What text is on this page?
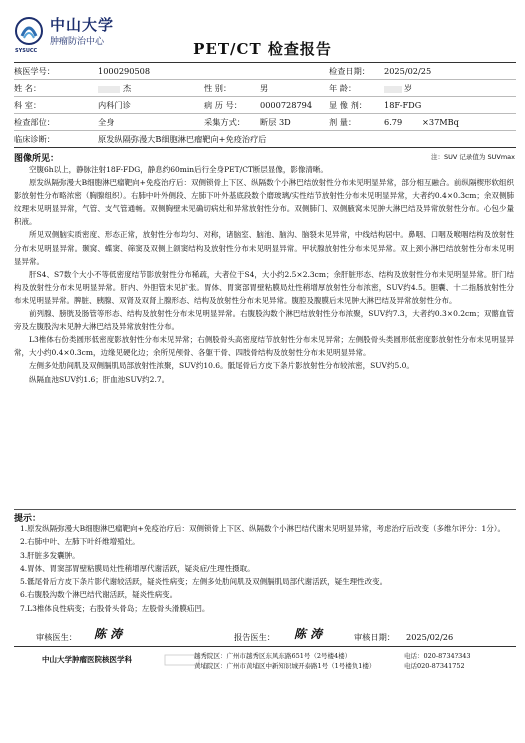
中山大学
肿瘤防治中心
SYSUCC	PET/CT 检查报告
核医学号：	1000290508	检查日期： 2025/02/25
姓 名：	杰	性 别：	男	年 龄：	岁
科 室：	内科门诊	病 历 号： 0000728794 显 像 剂： 18F-FDG
检查部位：	全身	采集方式： 断层 3D	剂 量：	6.79 ×37MBq
临床诊断：	原发纵隔弥漫大B细胞淋巴瘤靶向+免疫治疗后
图像所见：	注：SUV 记录值为 SUVmax

空腹6h以上，静脉注射18F-FDG，静息约60min后行全身PET/CT断层显像，影像清晰。

原发纵隔弥漫大B细胞淋巴瘤靶向+免疫治疗后：双侧锁骨上下区、纵隔数个小淋巴结放射性分布未见明显异常，部分相互融合。前纵隔楔形软组织影放射性分布略浓密（胸腺组织）。右肺中叶外侧段、左肺下叶外基底段数个磨玻璃/实性结节放射性分布未见明显异常，大者约0.4×0.3cm；余双侧肺纹理未见明显异常，气管、支气管通畅。双侧胸壁未见确切病灶和异常放射性分布。双侧肺门、双侧腋窝未见肿大淋巴结及异常放射性分布。心包少量积液。

所见双侧脑实质密度、形态正常，放射性分布均匀、对称，诸脑室、脑池、脑沟、脑裂未见异常，中线结构居中。鼻咽、口咽及喉咽结构及放射性分布未见明显异常。颞窝、蝶窦、筛窦及双侧上颌窦结构及放射性分布未见明显异常。甲状腺放射性分布未见异常。双上颈小淋巴结放射性分布未见明显异常。

肝S4、S7数个大小不等低密度结节影放射性分布稀疏，大者位于S4，大小约2.5×2.3cm；余肝脏形态、结构及放射性分布未见明显异常。肝门结构及放射性分布未见明显异常。肝内、外胆管未见扩张。胃体、胃窦部胃壁粘膜局灶性稍增厚放射性分布浓密，SUV约4.5。胆囊、十二指肠放射性分布未见明显异常。脾脏、胰腺、双肾及双肾上腺形态、结构及放射性分布未见异常。腹腔及腹膜后未见肿大淋巴结及异常放射性分布。

前列腺、膀胱及肠管等形态、结构及放射性分布未见明显异常。右腹股沟数个淋巴结放射性分布浓聚，SUV约7.3，大者约0.3×0.2cm；双髂血管旁及左腹股沟未见肿大淋巴结及异常放射性分布。

L3椎体右份类圆形低密度影放射性分布未见异常；右侧股骨头高密度结节放射性分布未见异常；左侧股骨头类圆形低密度影放射性分布未见明显异常，大小约0.4×0.3cm，边缘见硬化边；余所见颅骨、各躯干骨、四肢骨结构及放射性分布未见明显异常。

左侧多处肋间肌及双侧膈肌局部放射性浓聚，SUV约10.6。骶尾骨后方皮下条片影放射性分布较浓密，SUV约5.0。

纵隔血池SUV约1.6；肝血池SUV约2.7。

提示：

1.原发纵隔弥漫大B细胞淋巴瘤靶向+免疫治疗后：双侧锁骨上下区、纵隔数个小淋巴结代谢未见明显异常，考虑治疗后改变（多维尔评分：1分）。

2.右肺中叶、左肺下叶纤维增殖灶。

3.肝脏多发囊肿。

4.胃体、胃窦部胃壁粘膜局灶性稍增厚代谢活跃，疑炎症/生理性摄取。

5.骶尾骨后方皮下条片影代谢较活跃，疑炎性病变；左侧多处肋间肌及双侧膈肌局部代谢活跃，疑生理性改变。

6.右腹股沟数个淋巴结代谢活跃，疑炎性病变。

7.L3椎体良性病变；右股骨头骨岛；左股骨头滑膜疝凹。

审核医生： 陈 涛	报告医生： 陈 涛	审核日期： 2025/02/26
中山大学肿瘤医院核医学科	越秀院区：广州市越秀区东风东路651号（2号楼4楼）
黄埔院区：广州市黄埔区中新知识城开泰路1号（1号楼负1楼）
电话：020-8734?343
电话020-87341752
